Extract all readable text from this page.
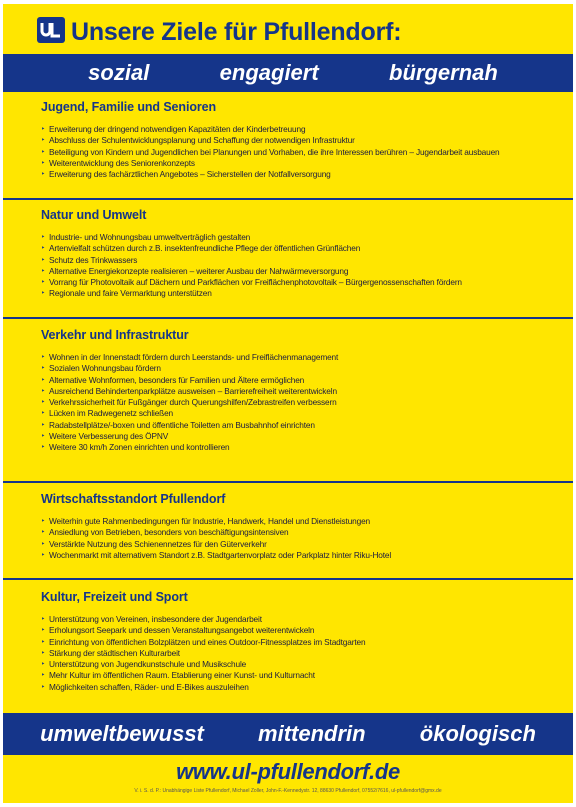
Unsere Ziele für Pfullendorf:
sozial	engagiert	bürgernah
Jugend, Familie und Senioren
‣ Erweiterung der dringend notwendigen Kapazitäten der Kinderbetreuung
‣ Abschluss der Schulentwicklungsplanung und Schaffung der notwendigen Infrastruktur
‣ Beteiligung von Kindern und Jugendlichen bei Planungen und Vorhaben, die ihre Interessen berühren – Jugendarbeit ausbauen
‣ Weiterentwicklung des Seniorenkonzepts
‣ Erweiterung des fachärztlichen Angebotes – Sicherstellen der Notfallversorgung
Natur und Umwelt
‣ Industrie- und Wohnungsbau umweltverträglich gestalten
‣ Artenvielfalt schützen durch z.B. insektenfreundliche Pflege der öffentlichen Grünflächen
‣ Schutz des Trinkwassers
‣ Alternative Energiekonzepte realisieren – weiterer Ausbau der Nahwärmeversorgung
‣ Vorrang für Photovoltaik auf Dächern und Parkflächen vor Freiflächenphotovoltaik – Bürgergenossenschaften fördern
‣ Regionale und faire Vermarktung unterstützen
Verkehr und Infrastruktur
‣ Wohnen in der Innenstadt fördern durch Leerstands- und Freiflächenmanagement
‣ Sozialen Wohnungsbau fördern
‣ Alternative Wohnformen, besonders für Familien und Ältere ermöglichen
‣ Ausreichend Behindertenparkplätze ausweisen – Barrierefreiheit weiterentwickeln
‣ Verkehrssicherheit für Fußgänger durch Querungshilfen/Zebrastreifen verbessern
‣ Lücken im Radwegenetz schließen
‣ Radabstellplätze/-boxen und öffentliche Toiletten am Busbahnhof einrichten
‣ Weitere Verbesserung des ÖPNV
‣ Weitere 30 km/h Zonen einrichten und kontrollieren
Wirtschaftsstandort Pfullendorf
‣ Weiterhin gute Rahmenbedingungen für Industrie, Handwerk, Handel und Dienstleistungen
‣ Ansiedlung von Betrieben, besonders von beschäftigungsintensiven
‣ Verstärkte Nutzung des Schienennetzes für den Güterverkehr
‣ Wochenmarkt mit alternativem Standort z.B. Stadtgartenvorplatz oder Parkplatz hinter Riku-Hotel
Kultur, Freizeit und Sport
‣ Unterstützung von Vereinen, insbesondere der Jugendarbeit
‣ Erholungsort Seepark und dessen Veranstaltungsangebot weiterentwickeln
‣ Einrichtung von öffentlichen Bolzplätzen und eines Outdoor-Fitnessplatzes im Stadtgarten
‣ Stärkung der städtischen Kulturarbeit
‣ Unterstützung von Jugendkunstschule und Musikschule
‣ Mehr Kultur im öffentlichen Raum. Etablierung einer Kunst- und Kulturnacht
‣ Möglichkeiten schaffen, Räder- und E-Bikes auszuleihen
umweltbewusst mittendrin ökologisch
www.ul-pfullendorf.de
V. i. S. d. P.: Unabhängige Liste Pfullendorf, Michael Zoller, John-F.-Kennedystr. 12, 88630 Pfullendorf, 07552/7616, ul-pfullendorf@gmx.de
